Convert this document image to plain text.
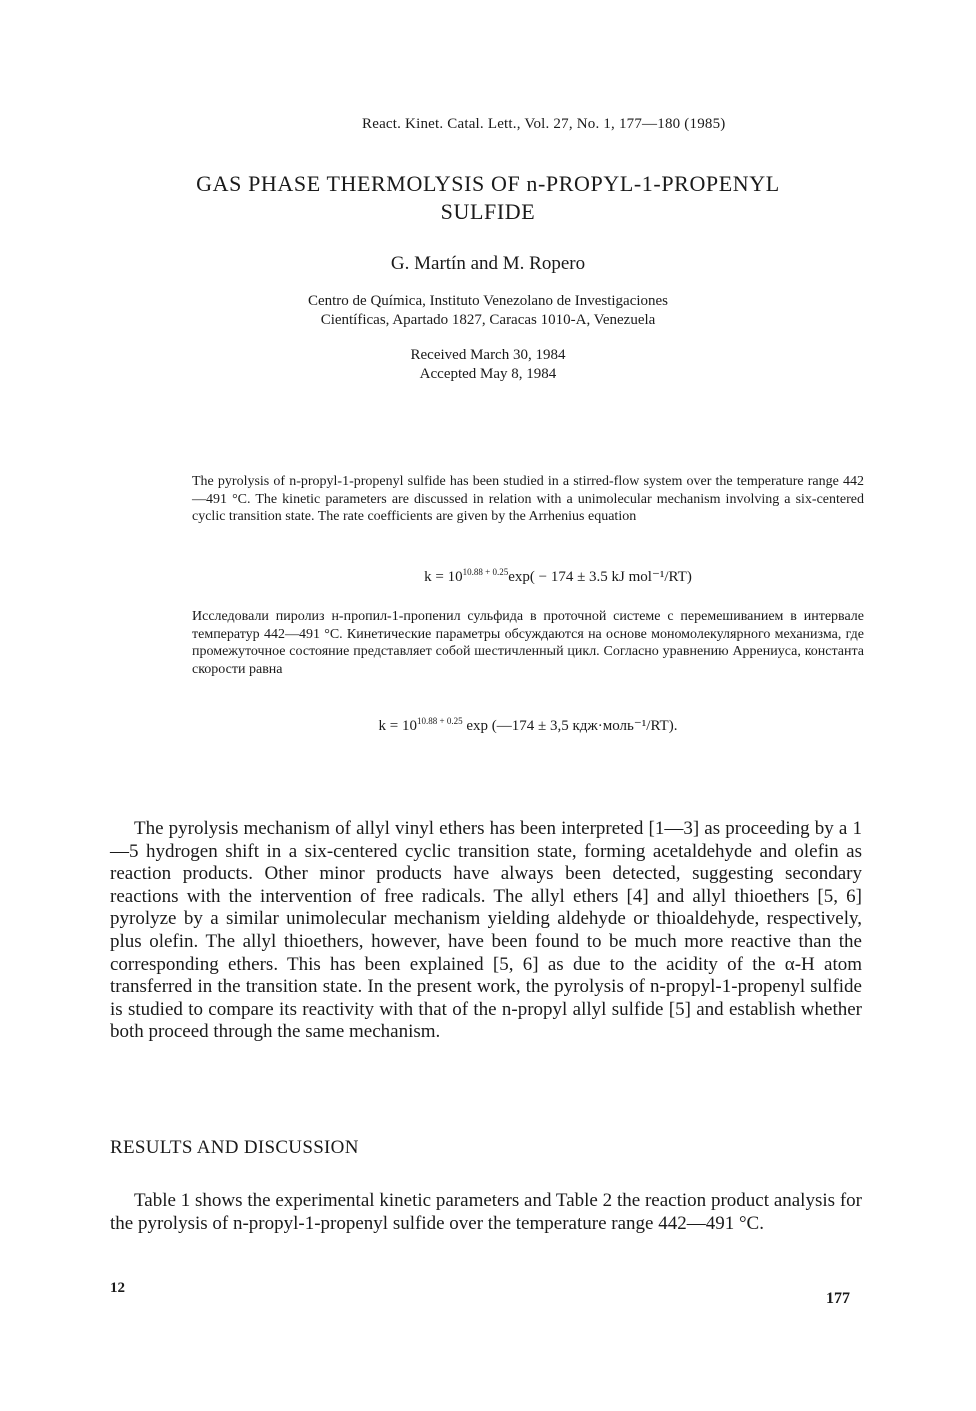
React. Kinet. Catal. Lett., Vol. 27, No. 1, 177—180 (1985)
GAS PHASE THERMOLYSIS OF n-PROPYL-1-PROPENYL
SULFIDE
G. Martín and M. Ropero
Centro de Química, Instituto Venezolano de Investigaciones
Científicas, Apartado 1827, Caracas 1010-A, Venezuela
Received March 30, 1984
Accepted May 8, 1984
The pyrolysis of n-propyl-1-propenyl sulfide has been studied in a stirred-flow system over the temperature range 442—491 °C. The kinetic parameters are discussed in relation with a unimolecular mechanism involving a six-centered cyclic transition state. The rate coefficients are given by the Arrhenius equation
$k = 10^{10.88 + 0.25}\exp( - 174 \pm 3.5$ kJ mol⁻¹/RT)
Исследовали пиролиз н-пропил-1-пропенил сульфида в проточной системе с перемешиванием в интервале температур 442—491 °C. Кинетические параметры обсуждаются на основе мономолекулярного механизма, где промежуточное состояние представляет собой шестичленный цикл. Согласно уравнению Аррениуса, константа скорости равна
$k = 10^{10.88 + 0.25}$ exp (—174 ± 3,5 кдж·моль⁻¹/RT).
The pyrolysis mechanism of allyl vinyl ethers has been interpreted [1—3] as proceeding by a 1—5 hydrogen shift in a six-centered cyclic transition state, forming acetaldehyde and olefin as reaction products. Other minor products have always been detected, suggesting secondary reactions with the intervention of free radicals. The allyl ethers [4] and allyl thioethers [5, 6] pyrolyze by a similar unimolecular mechanism yielding aldehyde or thioaldehyde, respectively, plus olefin. The allyl thioethers, however, have been found to be much more reactive than the corresponding ethers. This has been explained [5, 6] as due to the acidity of the α-H atom transferred in the transition state. In the present work, the pyrolysis of n-propyl-1-propenyl sulfide is studied to compare its reactivity with that of the n-propyl allyl sulfide [5] and establish whether both proceed through the same mechanism.
RESULTS AND DISCUSSION
Table 1 shows the experimental kinetic parameters and Table 2 the reaction product analysis for the pyrolysis of n-propyl-1-propenyl sulfide over the temperature range 442—491 °C.
12
177
